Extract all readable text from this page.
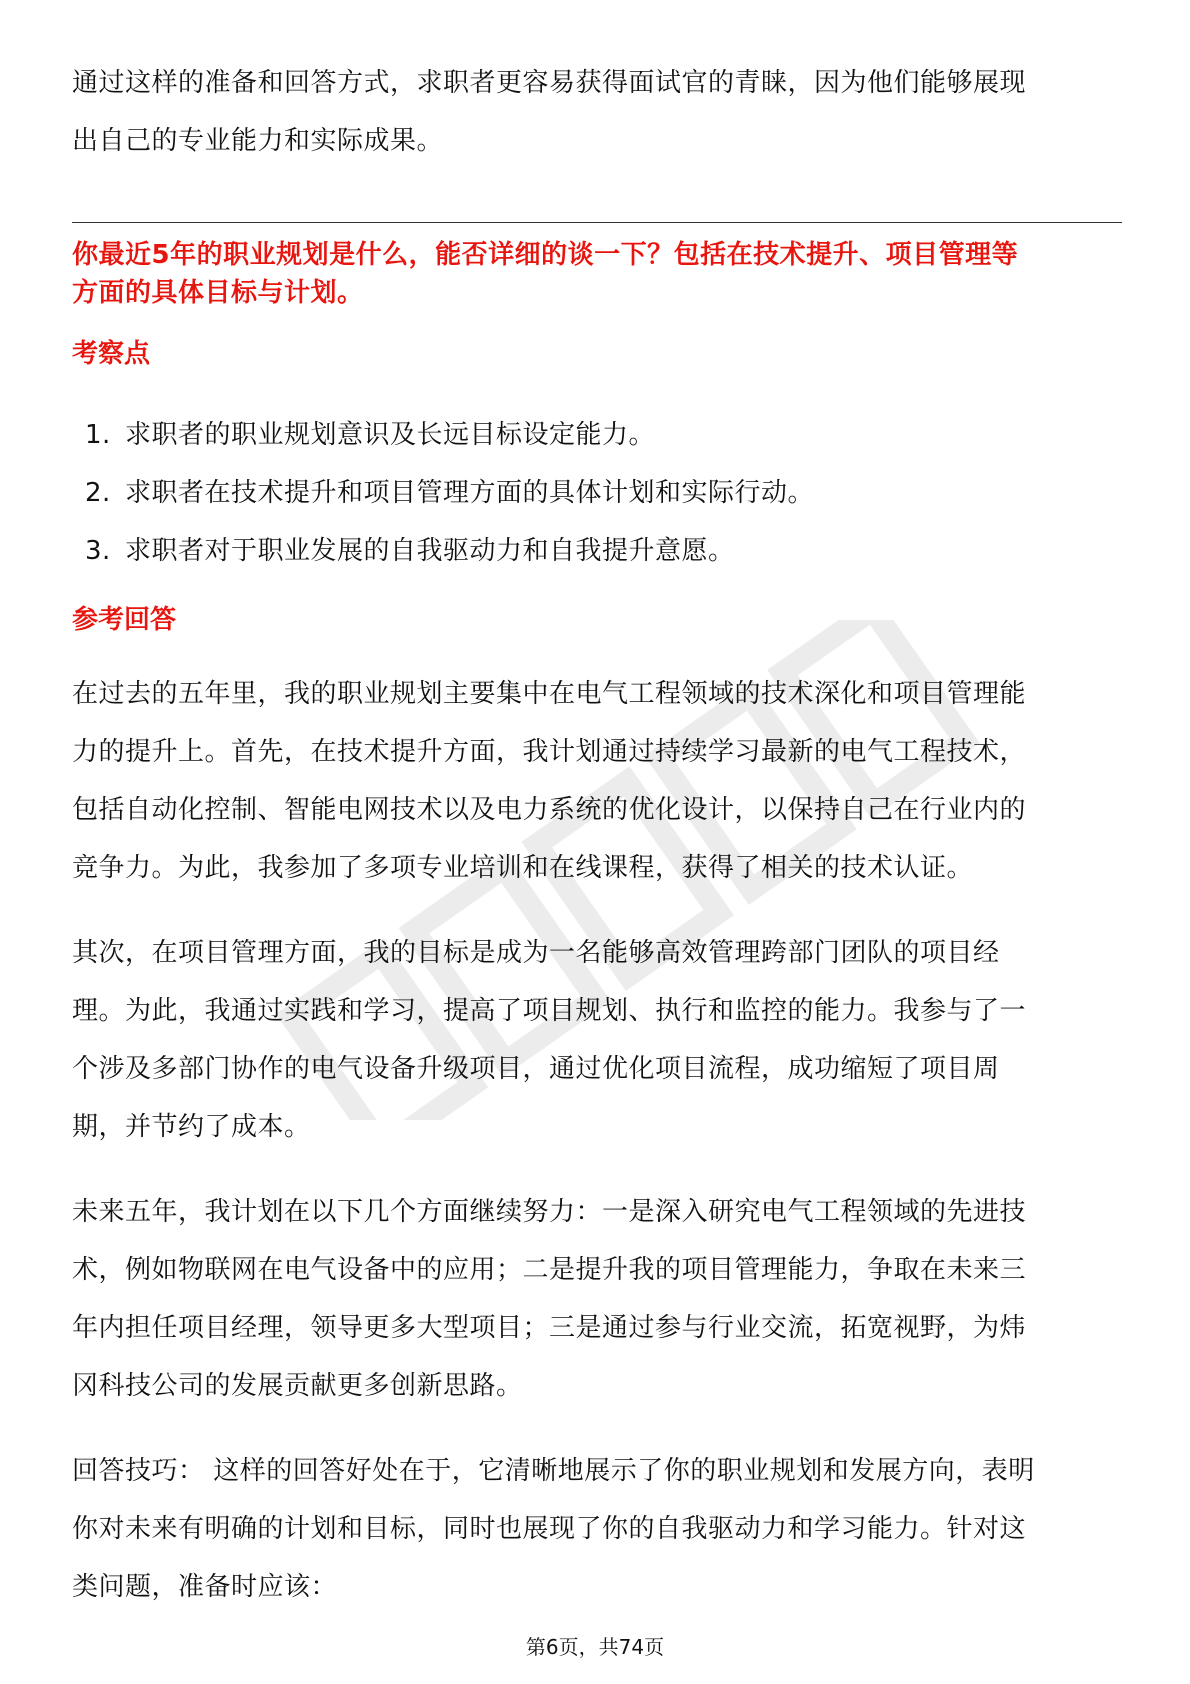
通过这样的准备和回答方式，求职者更容易获得面试官的青睐，因为他们能够展现

出自己的专业能力和实际成果。

你最近5年的职业规划是什么，能否详细的谈一下？包括在技术提升、项目管理等
方面的具体目标与计划。
考察点
1. 求职者的职业规划意识及长远目标设定能力。
2. 求职者在技术提升和项目管理方面的具体计划和实际行动。
3. 求职者对于职业发展的自我驱动力和自我提升意愿。
参考回答

在过去的五年里，我的职业规划主要集中在电气工程领域的技术深化和项目管理能

力的提升上。首先，在技术提升方面，我计划通过持续学习最新的电气工程技术，

包括自动化控制、智能电网技术以及电力系统的优化设计，以保持自己在行业内的

竞争力。为此，我参加了多项专业培训和在线课程，获得了相关的技术认证。

其次，在项目管理方面，我的目标是成为一名能够高效管理跨部门团队的项目经

理。为此，我通过实践和学习，提高了项目规划、执行和监控的能力。我参与了一

个涉及多部门协作的电气设备升级项目，通过优化项目流程，成功缩短了项目周

期，并节约了成本。

未来五年，我计划在以下几个方面继续努力：一是深入研究电气工程领域的先进技

术，例如物联网在电气设备中的应用；二是提升我的项目管理能力，争取在未来三

年内担任项目经理，领导更多大型项目；三是通过参与行业交流，拓宽视野，为炜

冈科技公司的发展贡献更多创新思路。

回答技巧： 这样的回答好处在于，它清晰地展示了你的职业规划和发展方向，表明

你对未来有明确的计划和目标，同时也展现了你的自我驱动力和学习能力。针对这

类问题，准备时应该：

第6页，共74页
